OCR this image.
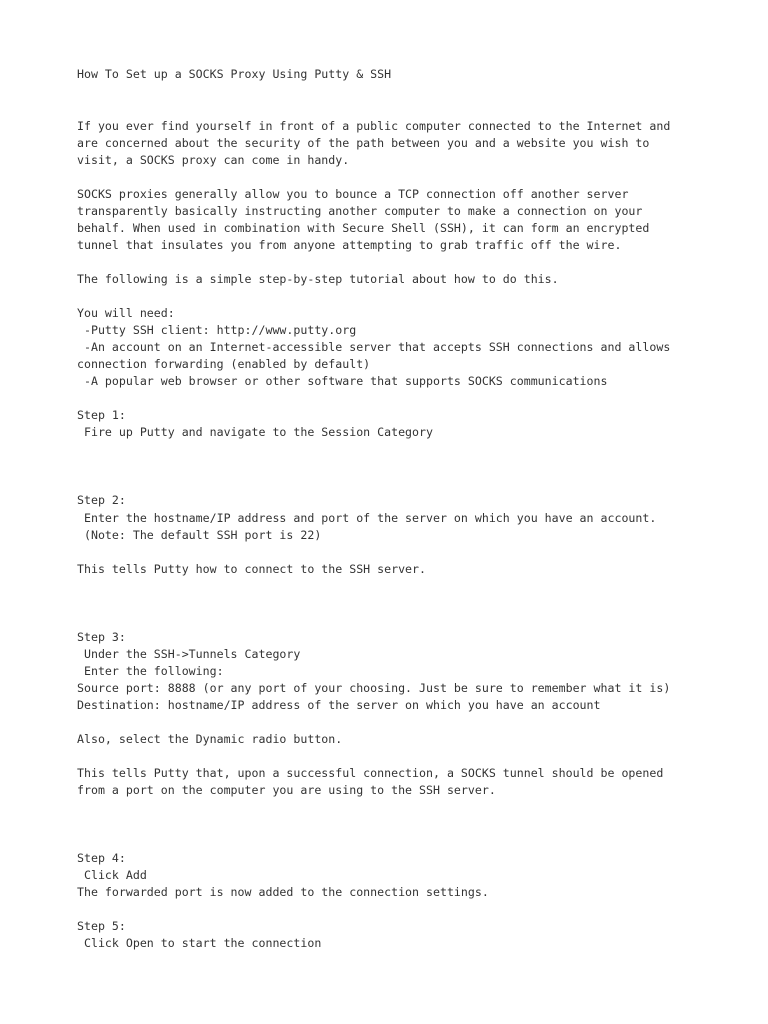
How To Set up a SOCKS Proxy Using Putty & SSH

If you ever find yourself in front of a public computer connected to the Internet and

are concerned about the security of the path between you and a website you wish to

visit, a SOCKS proxy can come in handy.

SOCKS proxies generally allow you to bounce a TCP connection off another server

transparently basically instructing another computer to make a connection on your

behalf. When used in combination with Secure Shell (SSH), it can form an encrypted

tunnel that insulates you from anyone attempting to grab traffic off the wire.

The following is a simple step-by-step tutorial about how to do this.

You will need:

-Putty SSH client: http://www.putty.org

-An account on an Internet-accessible server that accepts SSH connections and allows

connection forwarding (enabled by default)

-A popular web browser or other software that supports SOCKS communications

Step 1:

Fire up Putty and navigate to the Session Category

Step 2:

Enter the hostname/IP address and port of the server on which you have an account.

(Note: The default SSH port is 22)

This tells Putty how to connect to the SSH server.

Step 3:

Under the SSH->Tunnels Category

Enter the following:

Source port: 8888 (or any port of your choosing. Just be sure to remember what it is)

Destination: hostname/IP address of the server on which you have an account

Also, select the Dynamic radio button.

This tells Putty that, upon a successful connection, a SOCKS tunnel should be opened

from a port on the computer you are using to the SSH server.

Step 4:

Click Add

The forwarded port is now added to the connection settings.

Step 5:

Click Open to start the connection
